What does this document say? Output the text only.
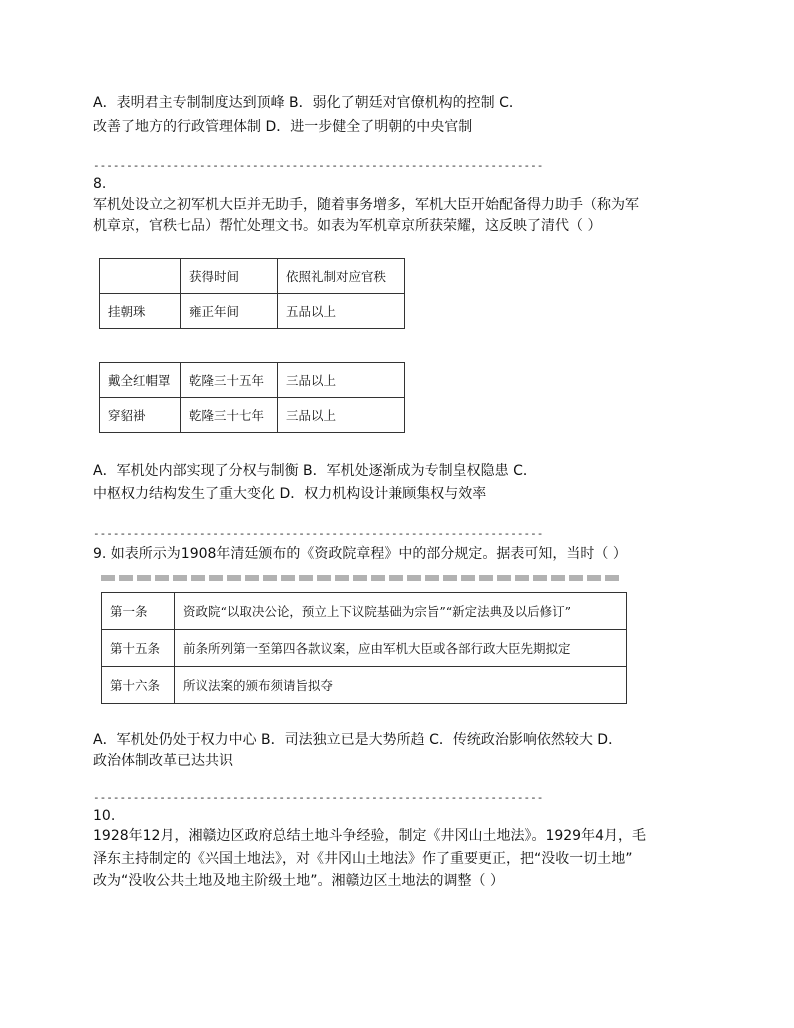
A．表明君主专制制度达到顶峰 B．弱化了朝廷对官僚机构的控制 C．
改善了地方的行政管理体制 D．进一步健全了明朝的中央官制
--------------------------------------------------------------------
8.
军机处设立之初军机大臣并无助手，随着事务增多，军机大臣开始配备得力助手（称为军
机章京，官秩七品）帮忙处理文书。如表为军机章京所获荣耀，这反映了清代（ ）
	获得时间	依照礼制对应官秩
挂朝珠	雍正年间	五品以上
戴全红帽罩	乾隆三十五年	三品以上
穿貂褂	乾隆三十七年	三品以上
A．军机处内部实现了分权与制衡 B．军机处逐渐成为专制皇权隐患 C．
中枢权力结构发生了重大变化 D．权力机构设计兼顾集权与效率
--------------------------------------------------------------------
9. 如表所示为1908年清廷颁布的《资政院章程》中的部分规定。据表可知，当时（ ）
第一条	资政院“以取决公论，预立上下议院基础为宗旨”“新定法典及以后修订”
第十五条	前条所列第一至第四各款议案，应由军机大臣或各部行政大臣先期拟定
第十六条	所议法案的颁布须请旨拟夺
A．军机处仍处于权力中心 B．司法独立已是大势所趋 C．传统政治影响依然较大 D．
政治体制改革已达共识
--------------------------------------------------------------------
10.
1928年12月，湘赣边区政府总结土地斗争经验，制定《井冈山土地法》。1929年4月，毛
泽东主持制定的《兴国土地法》，对《井冈山土地法》作了重要更正，把“没收一切土地”
改为“没收公共土地及地主阶级土地”。湘赣边区土地法的调整（ ）
